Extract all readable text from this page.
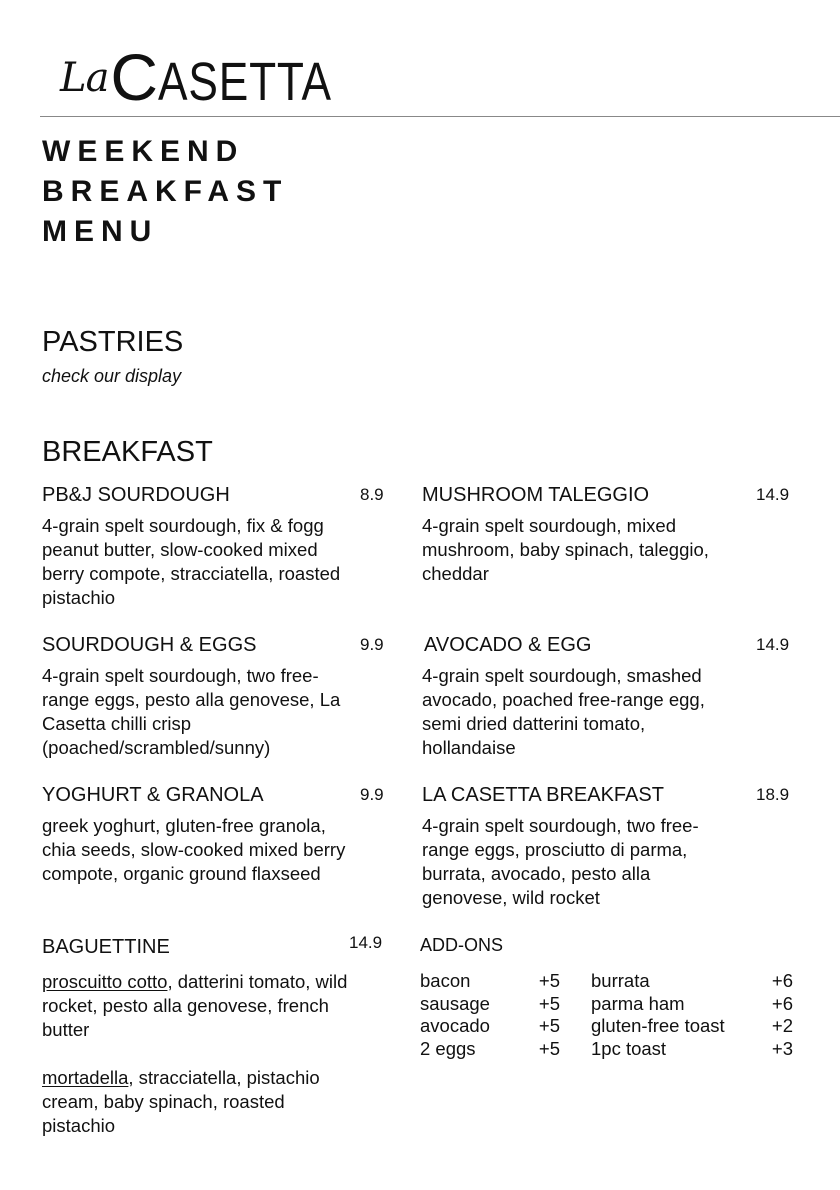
La C ASETTA
WEEKEND
BREAKFAST
MENU
PASTRIES
check our display
BREAKFAST
PB&J SOURDOUGH	8.9
4-grain spelt sourdough, fix & fogg peanut butter, slow-cooked mixed berry compote, stracciatella, roasted pistachio
SOURDOUGH & EGGS	9.9
4-grain spelt sourdough, two free-range eggs, pesto alla genovese, La Casetta chilli crisp (poached/scrambled/sunny)
YOGHURT & GRANOLA	9.9
greek yoghurt, gluten-free granola, chia seeds, slow-cooked mixed berry compote, organic ground flaxseed
MUSHROOM TALEGGIO	14.9
4-grain spelt sourdough, mixed mushroom, baby spinach, taleggio, cheddar
AVOCADO & EGG	14.9
4-grain spelt sourdough, smashed avocado, poached free-range egg, semi dried datterini tomato, hollandaise
LA CASETTA BREAKFAST	18.9
4-grain spelt sourdough, two free-range eggs, prosciutto di parma, burrata, avocado, pesto alla genovese, wild rocket
BAGUETTINE	14.9
proscuitto cotto, datterini tomato, wild rocket, pesto alla genovese, french butter
mortadella, stracciatella, pistachio cream, baby spinach, roasted pistachio
ADD-ONS
bacon	+5
sausage	+5
avocado	+5
2 eggs	+5
burrata	+6
parma ham	+6
gluten-free toast	+2
1pc toast	+3
